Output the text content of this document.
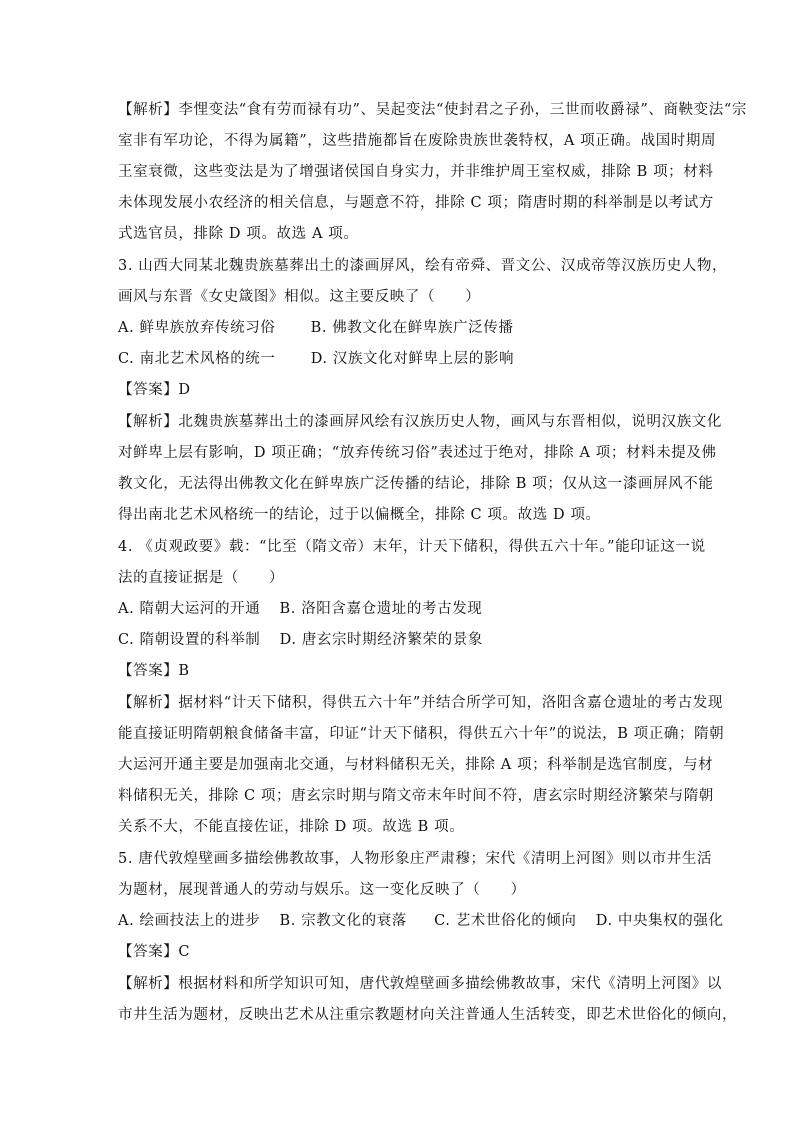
【解析】李悝变法“食有劳而禄有功”、吴起变法“使封君之子孙，三世而收爵禄”、商鞅变法“宗
室非有军功论，不得为属籍”，这些措施都旨在废除贵族世袭特权，A 项正确。战国时期周
王室衰微，这些变法是为了增强诸侯国自身实力，并非维护周王室权威，排除 B 项；材料
未体现发展小农经济的相关信息，与题意不符，排除 C 项；隋唐时期的科举制是以考试方
式选官员，排除 D 项。故选 A 项。
3. 山西大同某北魏贵族墓葬出土的漆画屏风，绘有帝舜、晋文公、汉成帝等汉族历史人物，
画风与东晋《女史箴图》相似。这主要反映了（　　）
A. 鲜卑族放弃传统习俗 B. 佛教文化在鲜卑族广泛传播
C. 南北艺术风格的统一 D. 汉族文化对鲜卑上层的影响
【答案】D
【解析】北魏贵族墓葬出土的漆画屏风绘有汉族历史人物，画风与东晋相似，说明汉族文化
对鲜卑上层有影响，D 项正确；“放弃传统习俗”表述过于绝对，排除 A 项；材料未提及佛
教文化，无法得出佛教文化在鲜卑族广泛传播的结论，排除 B 项；仅从这一漆画屏风不能
得出南北艺术风格统一的结论，过于以偏概全，排除 C 项。故选 D 项。
4. 《贞观政要》载：“比至（隋文帝）末年，计天下储积，得供五六十年。”能印证这一说
法的直接证据是（　　）
A. 隋朝大运河的开通 B. 洛阳含嘉仓遗址的考古发现
C. 隋朝设置的科举制 D. 唐玄宗时期经济繁荣的景象
【答案】B
【解析】据材料“计天下储积，得供五六十年”并结合所学可知，洛阳含嘉仓遗址的考古发现
能直接证明隋朝粮食储备丰富，印证“计天下储积，得供五六十年”的说法，B 项正确；隋朝
大运河开通主要是加强南北交通，与材料储积无关，排除 A 项；科举制是选官制度，与材
料储积无关，排除 C 项；唐玄宗时期与隋文帝末年时间不符，唐玄宗时期经济繁荣与隋朝
关系不大，不能直接佐证，排除 D 项。故选 B 项。
5. 唐代敦煌壁画多描绘佛教故事，人物形象庄严肃穆；宋代《清明上河图》则以市井生活
为题材，展现普通人的劳动与娱乐。这一变化反映了（　　）
A. 绘画技法上的进步 B. 宗教文化的衰落 C. 艺术世俗化的倾向 D. 中央集权的强化
【答案】C
【解析】根据材料和所学知识可知，唐代敦煌壁画多描绘佛教故事，宋代《清明上河图》以
市井生活为题材，反映出艺术从注重宗教题材向关注普通人生活转变，即艺术世俗化的倾向，
